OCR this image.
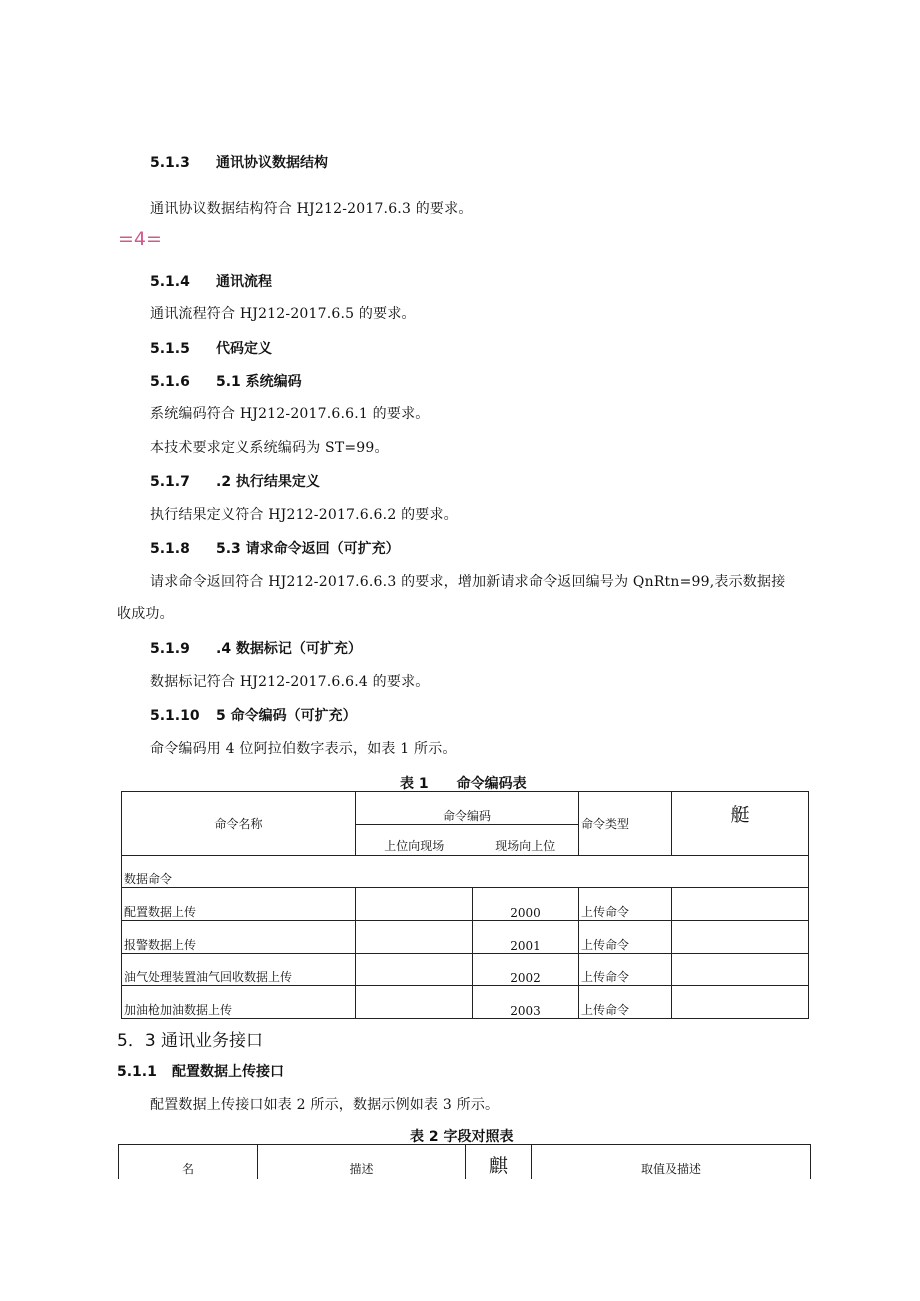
5.1.3 通讯协议数据结构
通讯协议数据结构符合 HJ212-2017.6.3 的要求。
=4=
5.1.4 通讯流程
通讯流程符合 HJ212-2017.6.5 的要求。
5.1.5 代码定义
5.1.6 5.1 系统编码
系统编码符合 HJ212-2017.6.6.1 的要求。
本技术要求定义系统编码为 ST=99。
5.1.7 .2 执行结果定义
执行结果定义符合 HJ212-2017.6.6.2 的要求。
5.1.8 5.3 请求命令返回（可扩充）
请求命令返回符合 HJ212-2017.6.6.3 的要求，增加新请求命令返回编号为 QnRtn=99,表示数据接
收成功。
5.1.9 .4 数据标记（可扩充）
数据标记符合 HJ212-2017.6.6.4 的要求。
5.1.10 5 命令编码（可扩充）
命令编码用 4 位阿拉伯数字表示，如表 1 所示。
表 1　　命令编码表
命令名称	命令编码		命令类型	艇
	上位向现场	现场向上位		
数据命令				
配置数据上传		2000	上传命令	
报警数据上传		2001	上传命令	
油气处理装置油气回收数据上传		2002	上传命令	
加油枪加油数据上传		2003	上传命令	
5．3 通讯业务接口
5.1.1 配置数据上传接口
配置数据上传接口如表 2 所示，数据示例如表 3 所示。
表 2 字段对照表
名	描述	麒	取值及描述
